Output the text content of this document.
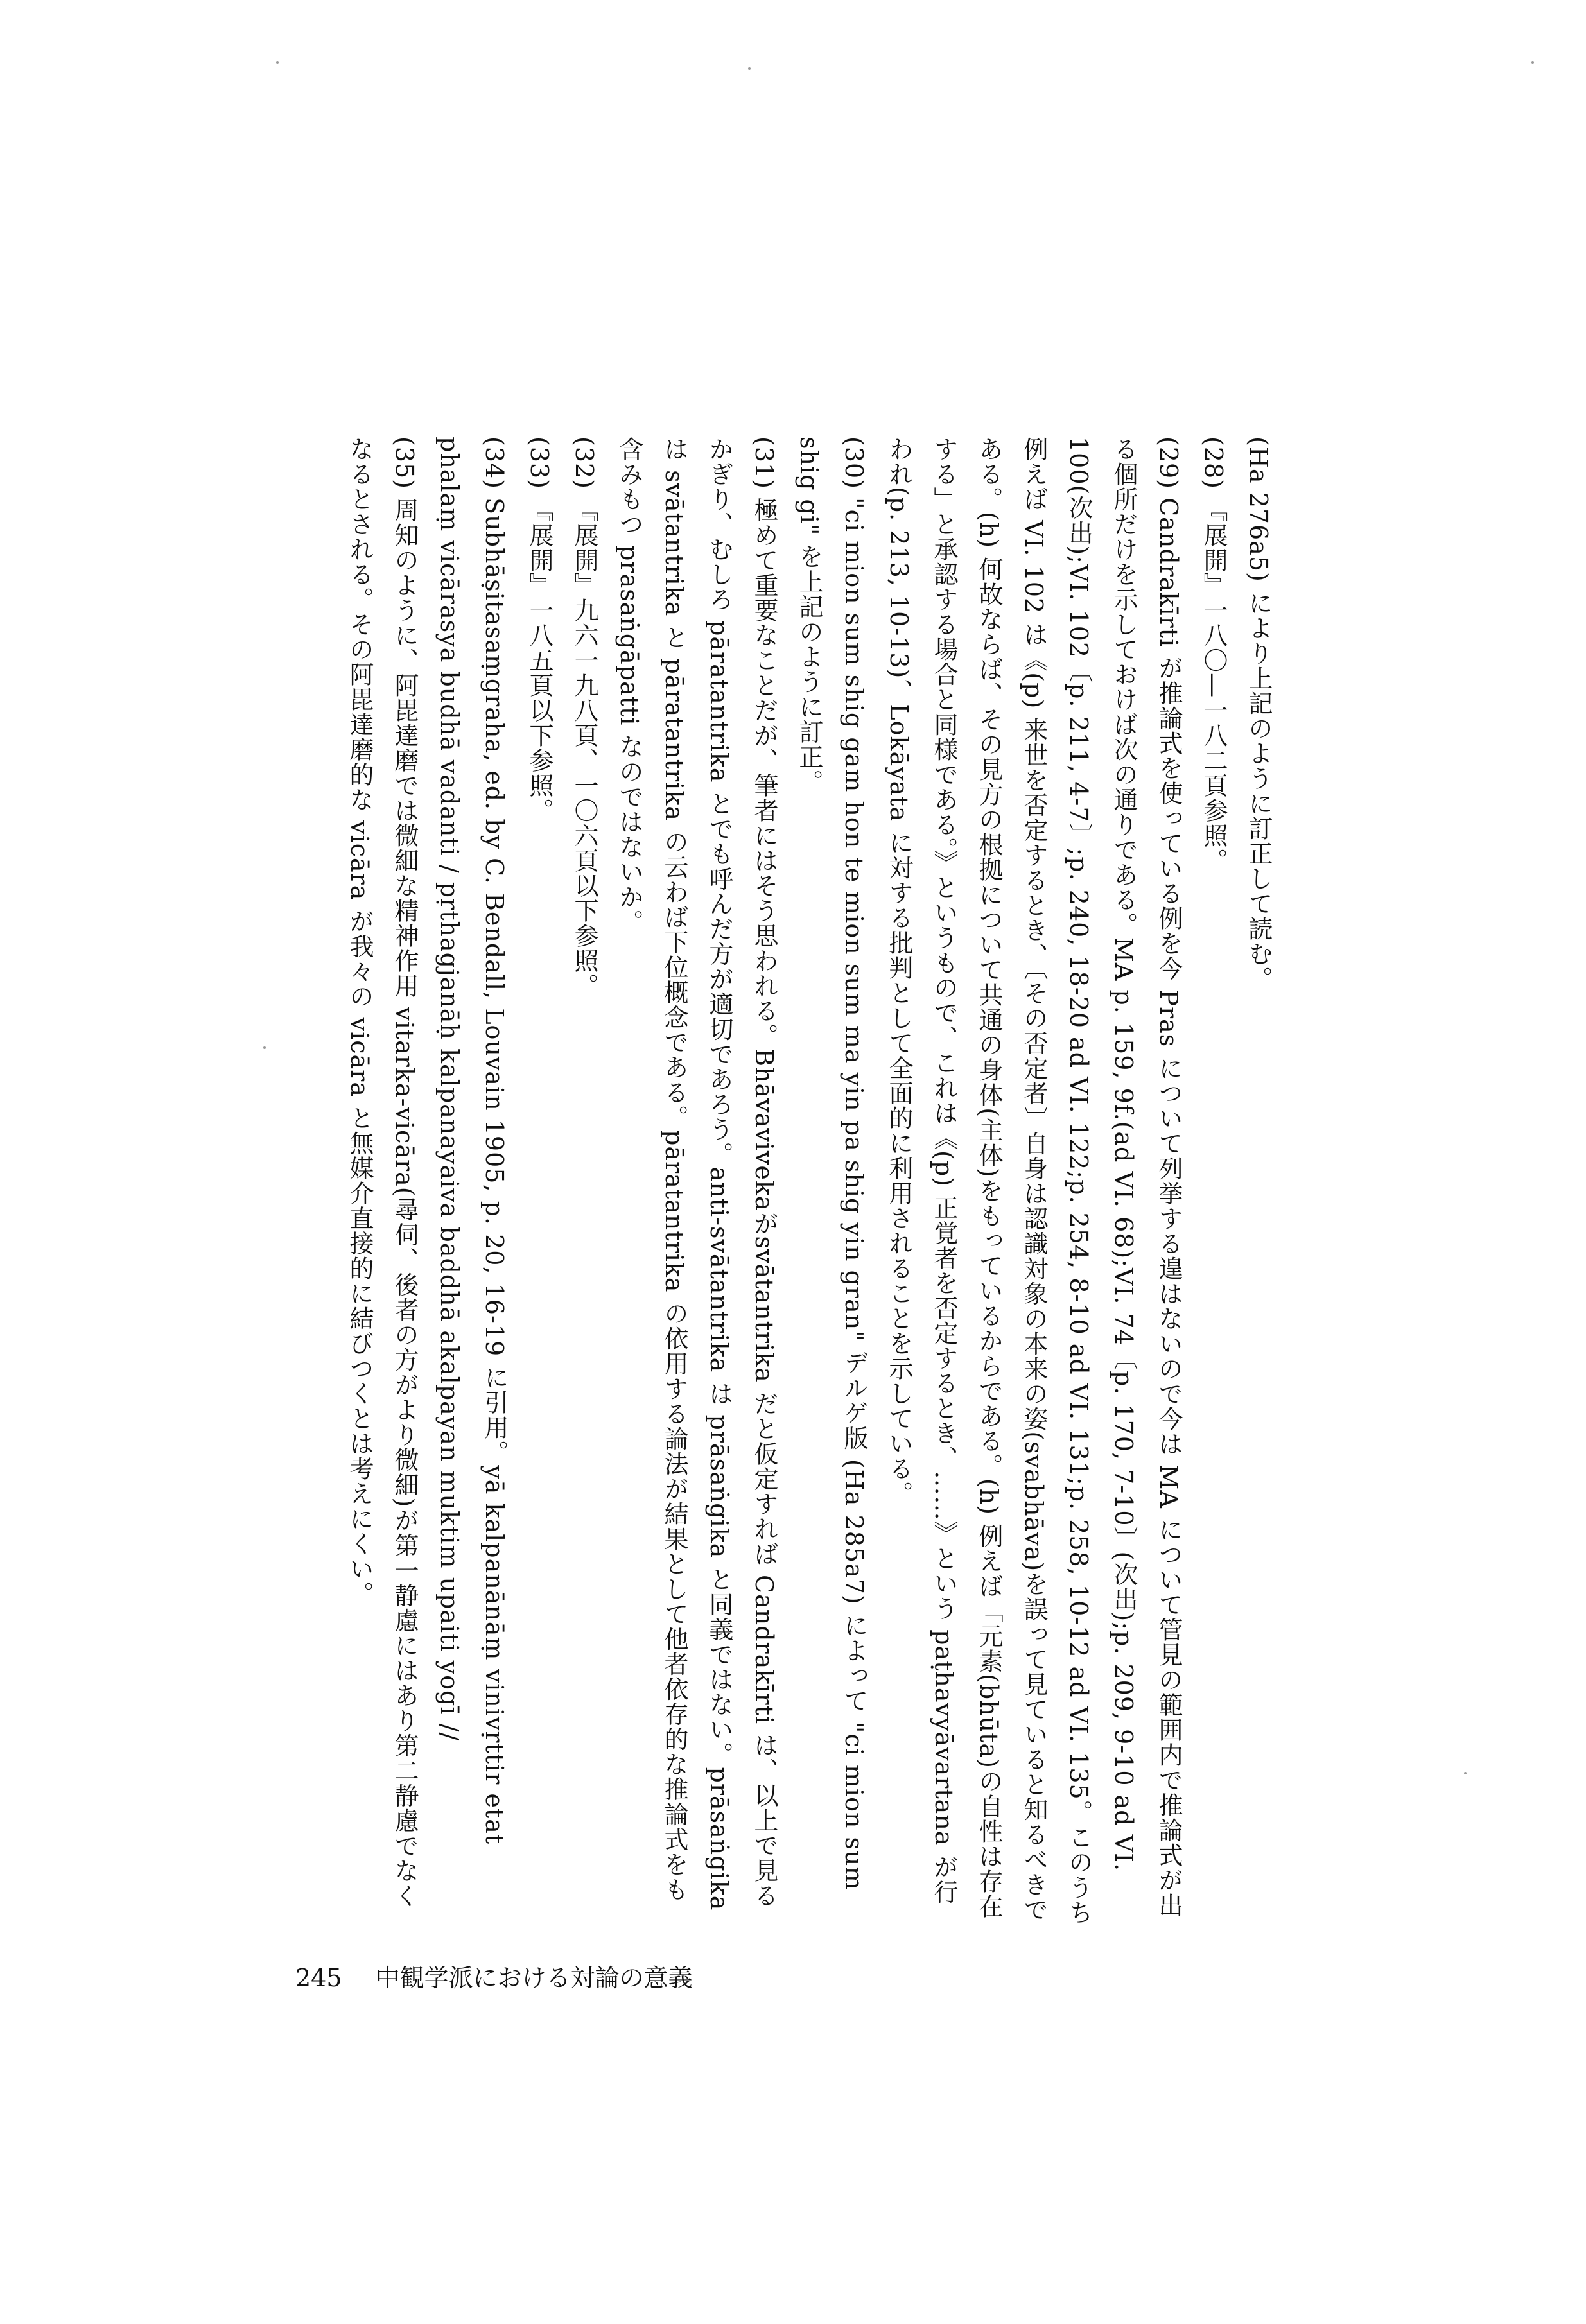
(Ha 276a5) により上記のように訂正して読む。

(28) 『展開』一八〇—一八二頁参照。

(29) Candrakīrti が推論式を使っている例を今 Pras について列挙する遑はないので今は MA について管見の範囲内で推論式が出る個所だけを示しておけば次の通りである。MA p. 159, 9f.(ad VI. 68);VI. 74〔p. 170, 7-10〕(次出);p. 209, 9-10 ad VI. 100(次出);VI. 102〔p. 211, 4-7〕;p. 240, 18-20 ad VI. 122;p. 254, 8-10 ad VI. 131;p. 258, 10-12 ad VI. 135。このうち例えば VI. 102 は《(p) 来世を否定するとき、〔その否定者〕自身は認識対象の本来の姿(svabhāva)を誤って見ていると知るべきである。(h) 何故ならば、その見方の根拠について共通の身体(主体)をもっているからである。(h) 例えば「元素(bhūta)の自性は存在する」と承認する場合と同様である。》というもので、これは《(p) 正覚者を否定するとき、……》という paṭhavyāvartana が行われ(p. 213, 10-13)、Lokāyata に対する批判として全面的に利用されることを示している。

(30) "ci mion sum shig gam hon te mion sum ma yin pa shig yin gran" デルゲ版 (Ha 285a7) によって "ci mion sum shig gi" を上記のように訂正。

(31) 極めて重要なことだが、筆者にはそう思われる。Bhāvavivekaがsvātantrika だと仮定すれば Candrakīrti は、以上で見るかぎり、むしろ pāratantrika とでも呼んだ方が適切であろう。anti-svātantrika は prāsaṅgika と同義ではない。prāsaṅgika は svātantrika と pāratantrika の云わば下位概念である。pāratantrika の依用する論法が結果として他者依存的な推論式をも含みもつ prasaṅgāpatti なのではないか。

(32) 『展開』九六一九八頁、一〇六頁以下参照。

(33) 『展開』一八五頁以下参照。

(34) Subhāṣitasaṃgraha, ed. by C. Bendall, Louvain 1905, p. 20, 16-19 に引用。yā kalpanānāṃ vinivṛttir etat phalaṃ vicārasya budhā vadanti / pṛthagjanāḥ kalpanayaiva baddhā akalpayan muktim upaiti yogī //

(35) 周知のように、阿毘達磨では微細な精神作用 vitarka-vicāra(尋伺、後者の方がより微細)が第一静慮にはあり第二静慮でなくなるとされる。その阿毘達磨的な vicāra が我々の vicāra と無媒介直接的に結びつくとは考えにくい。

245 中観学派における対論の意義
